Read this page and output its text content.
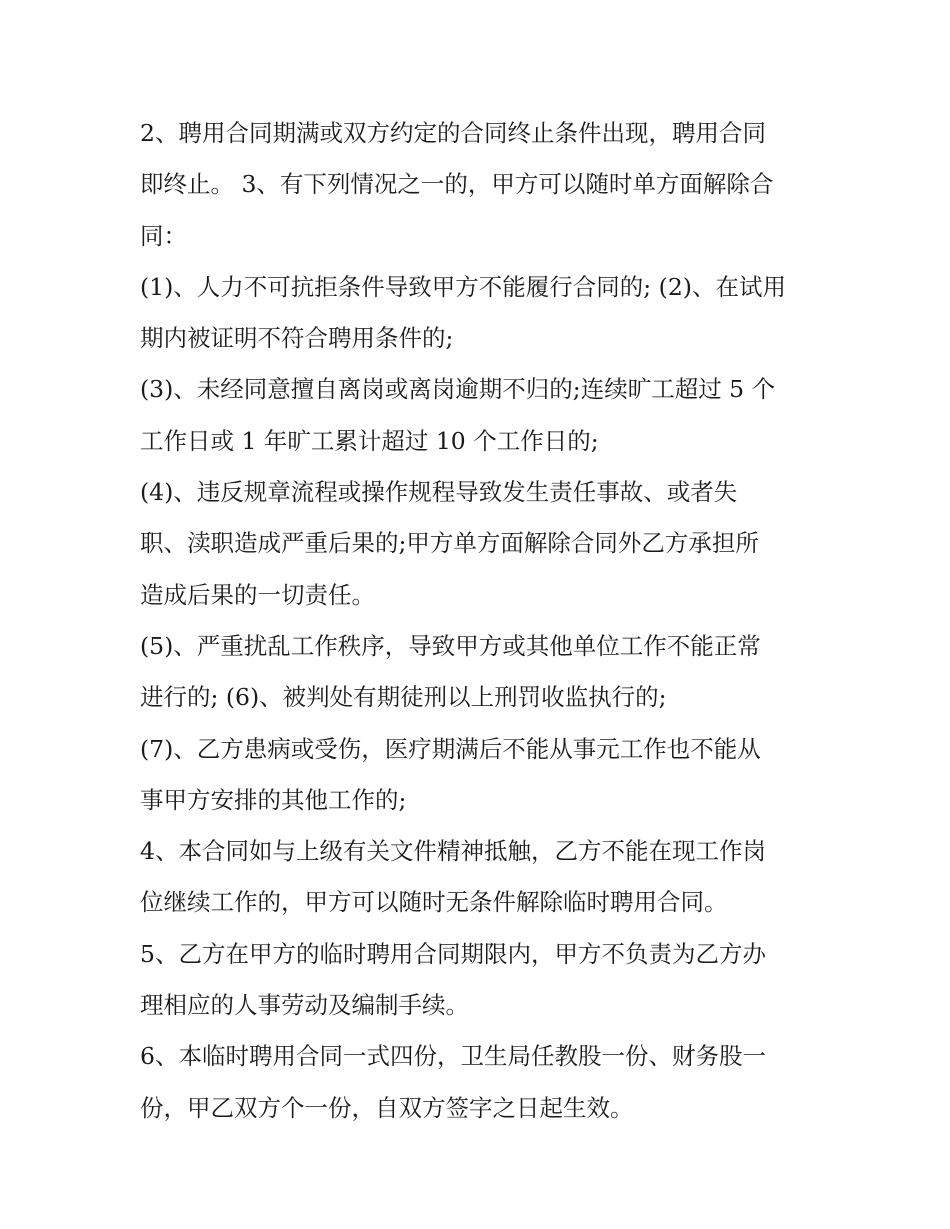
2、聘用合同期满或双方约定的合同终止条件出现，聘用合同
即终止。 3、有下列情况之一的，甲方可以随时单方面解除合
同：
(1)、人力不可抗拒条件导致甲方不能履行合同的; (2)、在试用
期内被证明不符合聘用条件的;
(3)、未经同意擅自离岗或离岗逾期不归的;连续旷工超过 5 个
工作日或 1 年旷工累计超过 10 个工作日的;
(4)、违反规章流程或操作规程导致发生责任事故、或者失
职、渎职造成严重后果的;甲方单方面解除合同外乙方承担所
造成后果的一切责任。
(5)、严重扰乱工作秩序，导致甲方或其他单位工作不能正常
进行的; (6)、被判处有期徒刑以上刑罚收监执行的;
(7)、乙方患病或受伤，医疗期满后不能从事元工作也不能从
事甲方安排的其他工作的;
4、本合同如与上级有关文件精神抵触，乙方不能在现工作岗
位继续工作的，甲方可以随时无条件解除临时聘用合同。
5、乙方在甲方的临时聘用合同期限内，甲方不负责为乙方办
理相应的人事劳动及编制手续。
6、本临时聘用合同一式四份，卫生局任教股一份、财务股一
份，甲乙双方个一份，自双方签字之日起生效。
